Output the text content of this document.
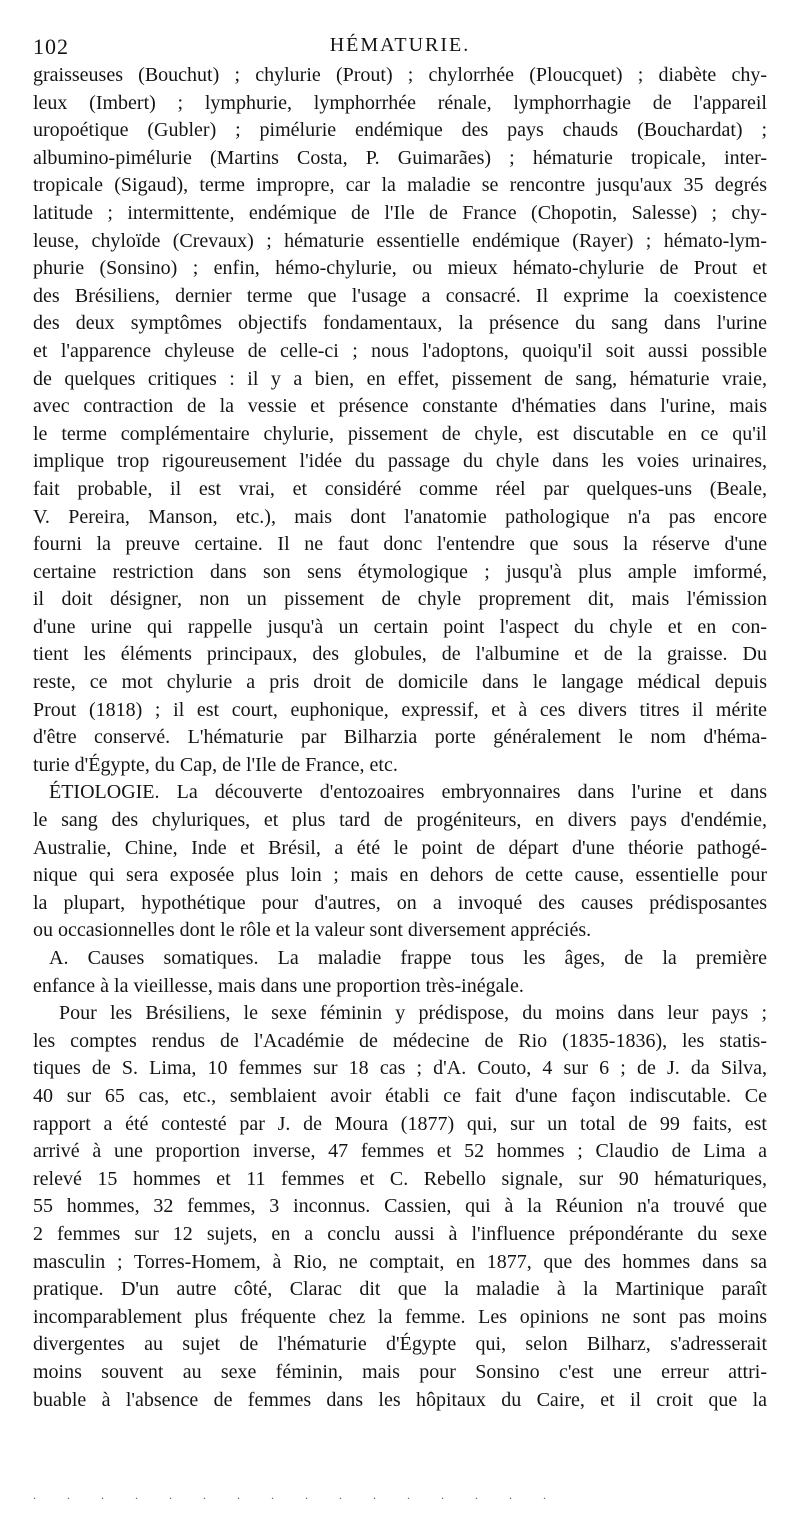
102	HÉMATURIE.
graisseuses (Bouchut) ; chylurie (Prout) ; chylorrhée (Ploucquet) ; diabète chy-
leux (Imbert) ; lymphurie, lymphorrhée rénale, lymphorrhagie de l'appareil
uropoétique (Gubler) ; pimélurie endémique des pays chauds (Bouchardat) ;
albumino-pimélurie (Martins Costa, P. Guimarães) ; hématurie tropicale, inter-
tropicale (Sigaud), terme impropre, car la maladie se rencontre jusqu'aux 35 degrés
latitude ; intermittente, endémique de l'Ile de France (Chopotin, Salesse) ; chy-
leuse, chyloïde (Crevaux) ; hématurie essentielle endémique (Rayer) ; hémato-lym-
phurie (Sonsino) ; enfin, hémo-chylurie, ou mieux hémato-chylurie de Prout et
des Brésiliens, dernier terme que l'usage a consacré. Il exprime la coexistence
des deux symptômes objectifs fondamentaux, la présence du sang dans l'urine
et l'apparence chyleuse de celle-ci ; nous l'adoptons, quoiqu'il soit aussi possible
de quelques critiques : il y a bien, en effet, pissement de sang, hématurie vraie,
avec contraction de la vessie et présence constante d'hématies dans l'urine, mais
le terme complémentaire chylurie, pissement de chyle, est discutable en ce qu'il
implique trop rigoureusement l'idée du passage du chyle dans les voies urinaires,
fait probable, il est vrai, et considéré comme réel par quelques-uns (Beale,
V. Pereira, Manson, etc.), mais dont l'anatomie pathologique n'a pas encore
fourni la preuve certaine. Il ne faut donc l'entendre que sous la réserve d'une
certaine restriction dans son sens étymologique ; jusqu'à plus ample imformé,
il doit désigner, non un pissement de chyle proprement dit, mais l'émission
d'une urine qui rappelle jusqu'à un certain point l'aspect du chyle et en con-
tient les éléments principaux, des globules, de l'albumine et de la graisse. Du
reste, ce mot chylurie a pris droit de domicile dans le langage médical depuis
Prout (1818) ; il est court, euphonique, expressif, et à ces divers titres il mérite
d'être conservé. L'hématurie par Bilharzia porte généralement le nom d'héma-
turie d'Égypte, du Cap, de l'Ile de France, etc.
ÉTIOLOGIE. La découverte d'entozoaires embryonnaires dans l'urine et dans
le sang des chyluriques, et plus tard de progéniteurs, en divers pays d'endémie,
Australie, Chine, Inde et Brésil, a été le point de départ d'une théorie pathogé-
nique qui sera exposée plus loin ; mais en dehors de cette cause, essentielle pour
la plupart, hypothétique pour d'autres, on a invoqué des causes prédisposantes
ou occasionnelles dont le rôle et la valeur sont diversement appréciés.
A. Causes somatiques. La maladie frappe tous les âges, de la première
enfance à la vieillesse, mais dans une proportion très-inégale.
Pour les Brésiliens, le sexe féminin y prédispose, du moins dans leur pays ;
les comptes rendus de l'Académie de médecine de Rio (1835-1836), les statis-
tiques de S. Lima, 10 femmes sur 18 cas ; d'A. Couto, 4 sur 6 ; de J. da Silva,
40 sur 65 cas, etc., semblaient avoir établi ce fait d'une façon indiscutable. Ce
rapport a été contesté par J. de Moura (1877) qui, sur un total de 99 faits, est
arrivé à une proportion inverse, 47 femmes et 52 hommes ; Claudio de Lima a
relevé 15 hommes et 11 femmes et C. Rebello signale, sur 90 hématuriques,
55 hommes, 32 femmes, 3 inconnus. Cassien, qui à la Réunion n'a trouvé que
2 femmes sur 12 sujets, en a conclu aussi à l'influence prépondérante du sexe
masculin ; Torres-Homem, à Rio, ne comptait, en 1877, que des hommes dans sa
pratique. D'un autre côté, Clarac dit que la maladie à la Martinique paraît
incomparablement plus fréquente chez la femme. Les opinions ne sont pas moins
divergentes au sujet de l'hématurie d'Égypte qui, selon Bilharz, s'adresserait
moins souvent au sexe féminin, mais pour Sonsino c'est une erreur attri-
buable à l'absence de femmes dans les hôpitaux du Caire, et il croit que la
. . . . . . . . . . . . . . . .
